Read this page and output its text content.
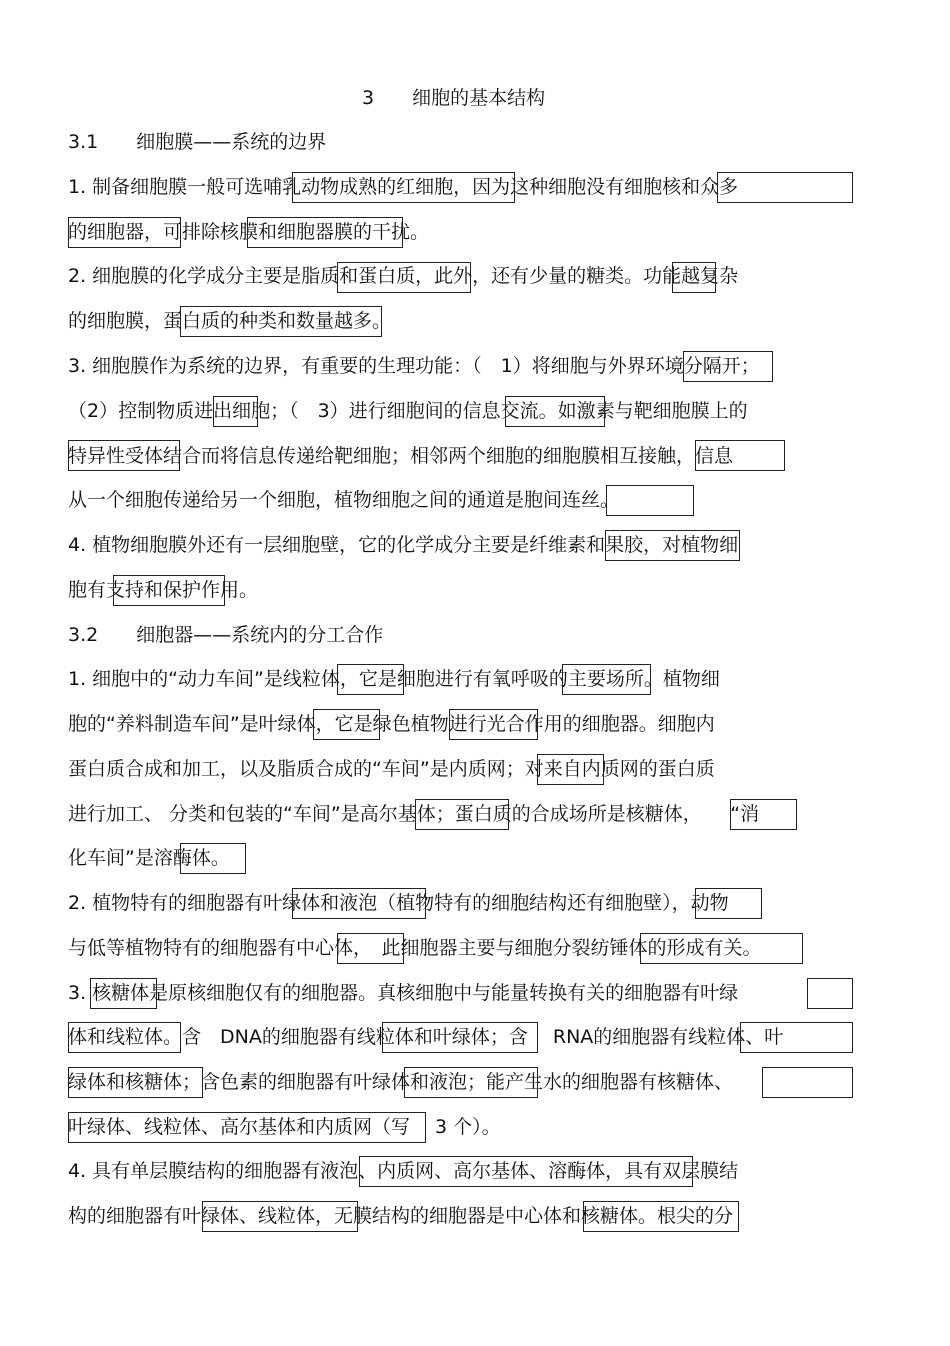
3　　细胞的基本结构
3.1　　细胞膜——系统的边界
1. 制备细胞膜一般可选哺乳动物成熟的红细胞，因为这种细胞没有细胞核和众多
的细胞器，可排除核膜和细胞器膜的干扰。
2. 细胞膜的化学成分主要是脂质和蛋白质，此外，还有少量的糖类。功能越复杂
的细胞膜，蛋白质的种类和数量越多。
3. 细胞膜作为系统的边界，有重要的生理功能：（　1）将细胞与外界环境分隔开；
（2）控制物质进出细胞；（　3）进行细胞间的信息交流。如激素与靶细胞膜上的
特异性受体结合而将信息传递给靶细胞；相邻两个细胞的细胞膜相互接触，信息
从一个细胞传递给另一个细胞，植物细胞之间的通道是胞间连丝。
4. 植物细胞膜外还有一层细胞壁，它的化学成分主要是纤维素和果胶，对植物细
胞有支持和保护作用。
3.2　　细胞器——系统内的分工合作
1. 细胞中的“动力车间”是线粒体，它是细胞进行有氧呼吸的主要场所。植物细
胞的“养料制造车间”是叶绿体，它是绿色植物进行光合作用的细胞器。细胞内
蛋白质合成和加工，以及脂质合成的“车间”是内质网；对来自内质网的蛋白质
进行加工、 分类和包装的“车间”是高尔基体；蛋白质的合成场所是核糖体，　　“消
化车间”是溶酶体。
2. 植物特有的细胞器有叶绿体和液泡（植物特有的细胞结构还有细胞壁），动物
与低等植物特有的细胞器有中心体，　此细胞器主要与细胞分裂纺锤体的形成有关。
3. 核糖体是原核细胞仅有的细胞器。真核细胞中与能量转换有关的细胞器有叶绿
体和线粒体。含　DNA的细胞器有线粒体和叶绿体；含　 RNA的细胞器有线粒体、叶
绿体和核糖体；含色素的细胞器有叶绿体和液泡；能产生水的细胞器有核糖体、
叶绿体、线粒体、高尔基体和内质网（写　 3 个）。
4. 具有单层膜结构的细胞器有液泡、内质网、高尔基体、溶酶体，具有双层膜结
构的细胞器有叶绿体、线粒体，无膜结构的细胞器是中心体和核糖体。根尖的分
